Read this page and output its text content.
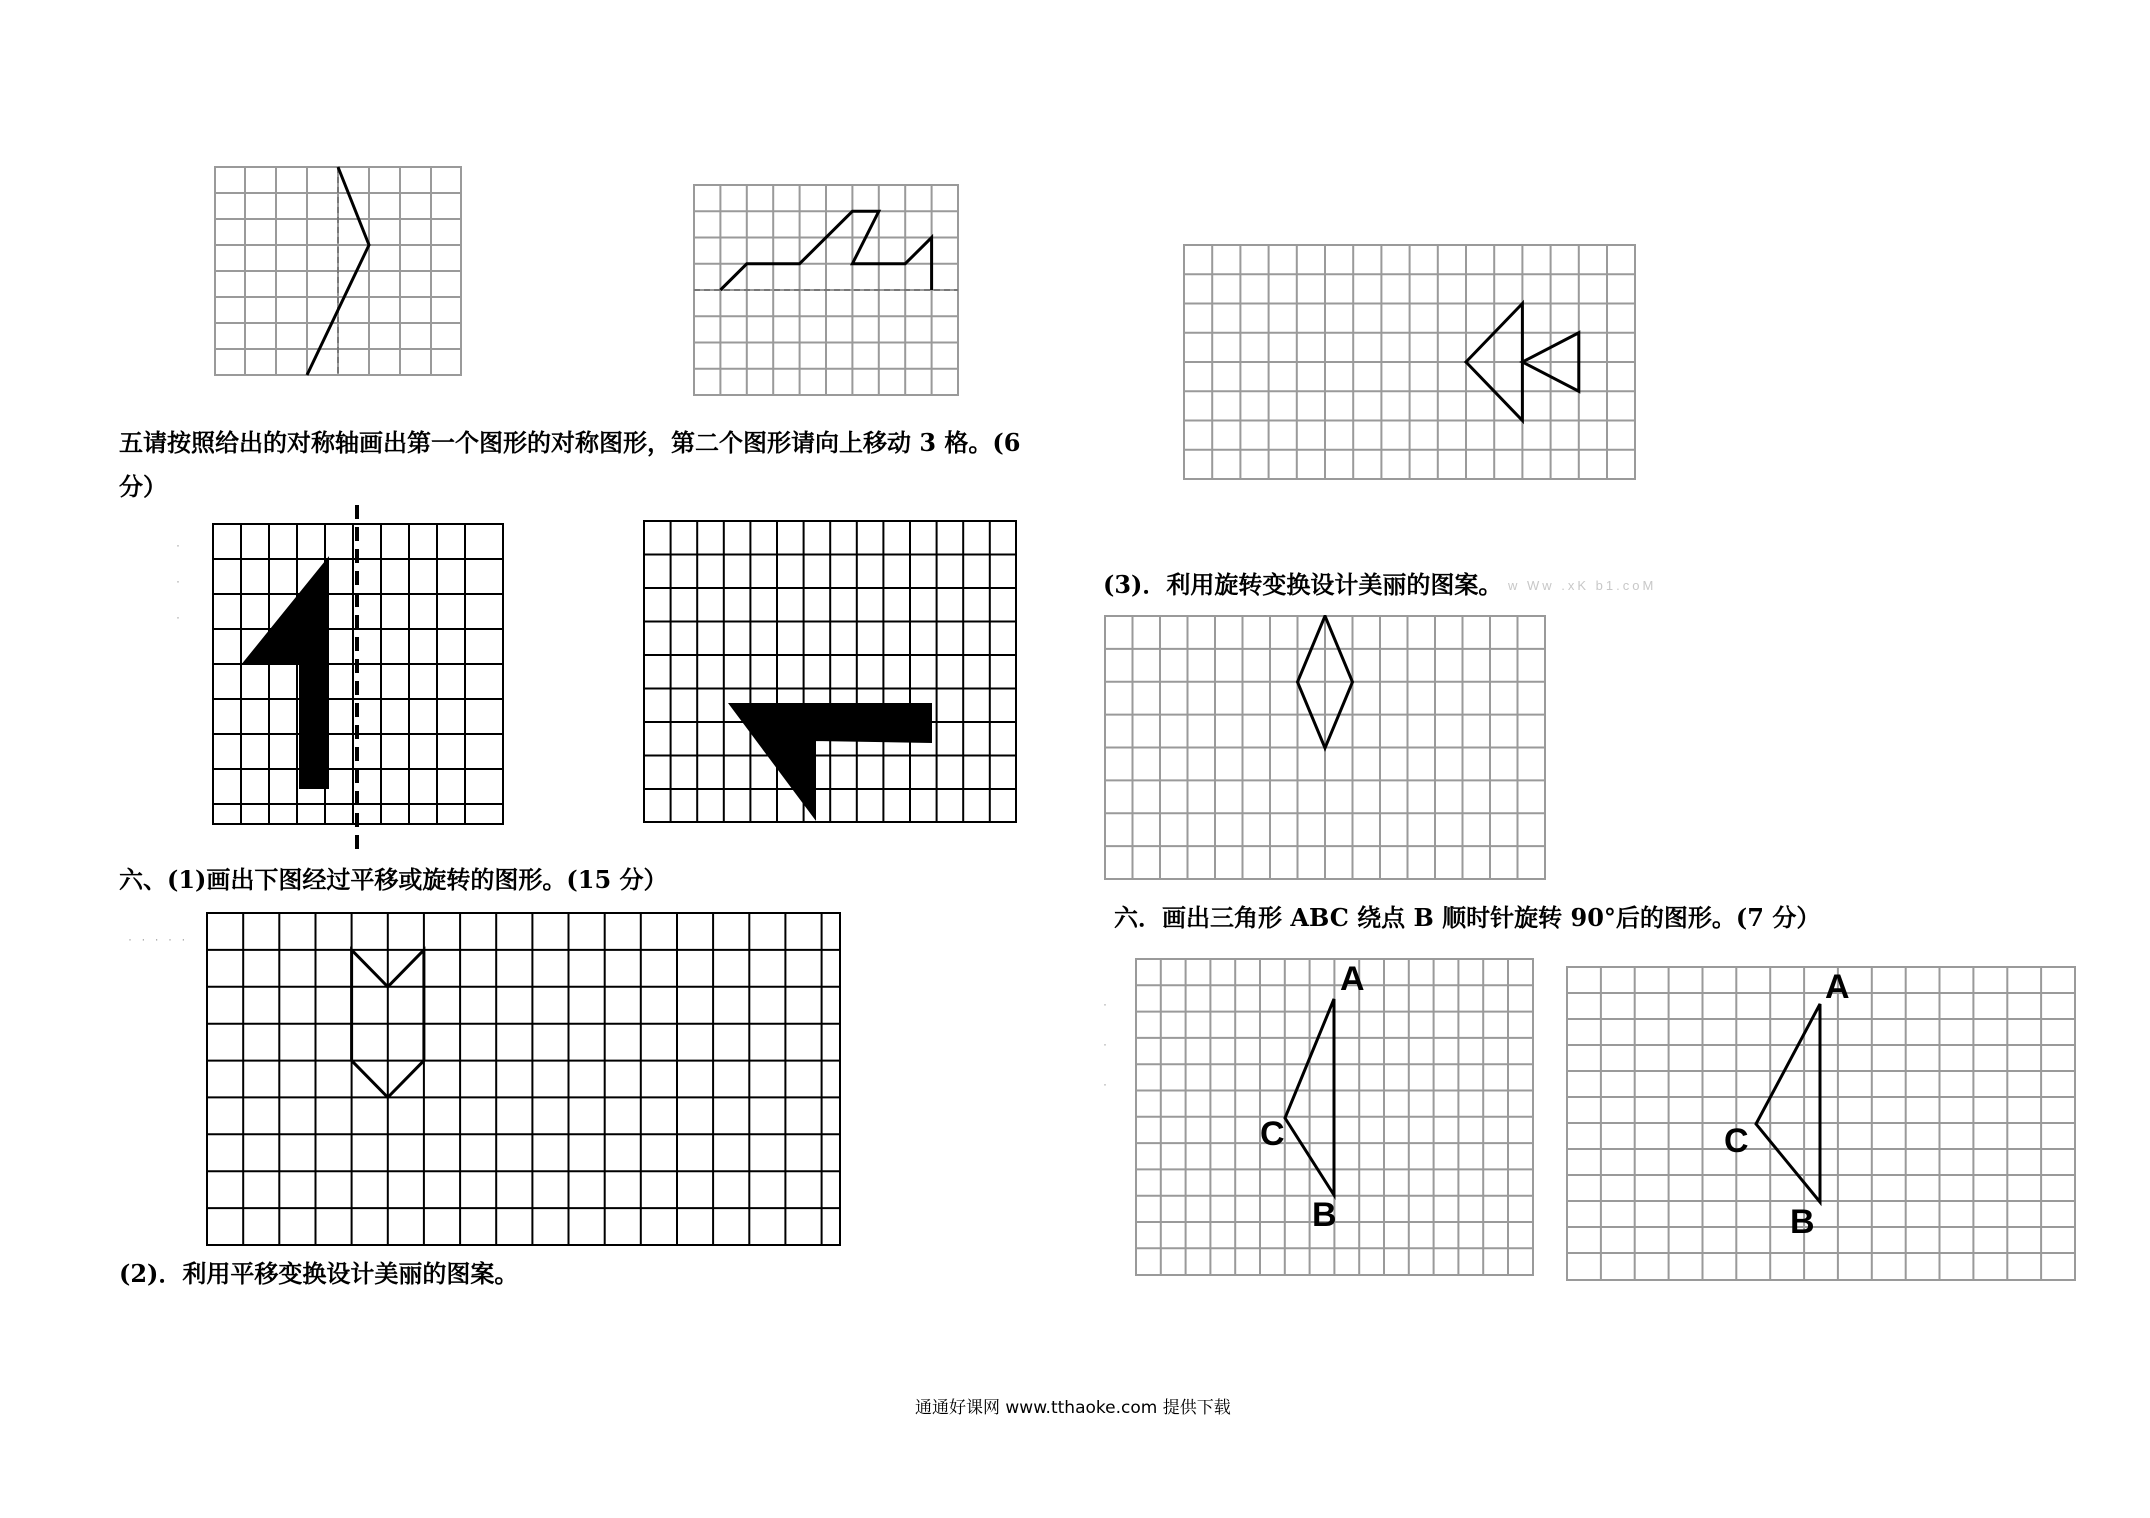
五请按照给出的对称轴画出第一个图形的对称图形，第二个图形请向上移动 3 格。(6
分）
·
·
·
(3)．利用旋转变换设计美丽的图案。 w Ww .xK b1.coM
六、(1)画出下图经过平移或旋转的图形。(15 分）
六．画出三角形 ABC 绕点 B 顺时针旋转 90°后的图形。(7 分）
· · · · ·
·
·
·
A
C
B
A
C
B
(2)．利用平移变换设计美丽的图案。
通通好课网 www.tthaoke.com 提供下载
